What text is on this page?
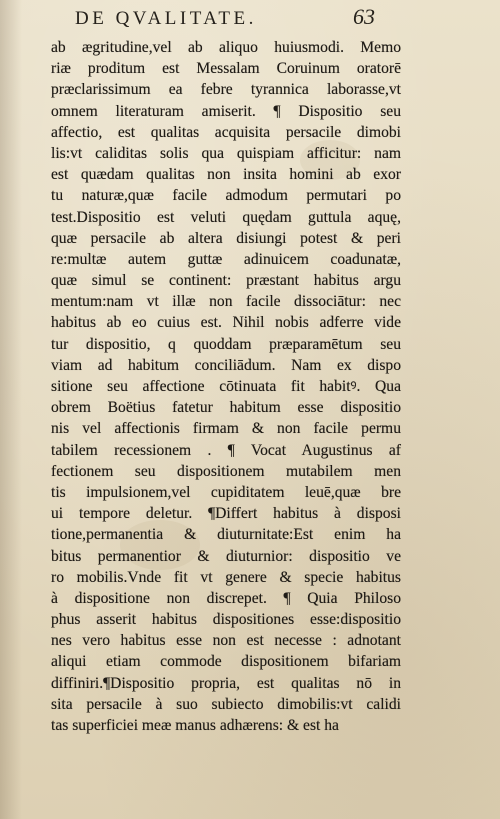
DE QVALITATE.	63
ab ægritudine,vel ab aliquo huiusmodi. Memo
riæ proditum est Messalam Coruinum oratorē
præclarissimum ea febre tyrannica laborasse,vt
omnem literaturam amiserit. ¶ Dispositio seu
affectio, est qualitas acquisita persacile dimobi
lis:vt caliditas solis qua quispiam afficitur: nam
est quædam qualitas non insita homini ab exor
tu naturæ,quæ facile admodum permutari po
test.Dispositio est veluti quędam guttula aquę,
quæ persacile ab altera disiungi potest & peri
re:multæ autem guttæ adinuicem coadunatæ,
quæ simul se continent: præstant habitus argu
mentum:nam vt illæ non facile dissociātur: nec
habitus ab eo cuius est. Nihil nobis adferre vide
tur dispositio, q quoddam præparamētum seu
viam ad habitum conciliādum. Nam ex dispo
sitione seu affectione cōtinuata fit habitꝰ. Qua
obrem Boëtius fatetur habitum esse dispositio
nis vel affectionis firmam & non facile permu
tabilem recessionem . ¶ Vocat Augustinus af
fectionem seu dispositionem mutabilem men
tis impulsionem,vel cupiditatem leuē,quæ bre
ui tempore deletur. ¶Differt habitus à disposi
tione,permanentia & diuturnitate:Est enim ha
bitus permanentior & diuturnior: dispositio ve
ro mobilis.Vnde fit vt genere & specie habitus
à dispositione non discrepet. ¶ Quia Philoso
phus asserit habitus dispositiones esse:dispositio
nes vero habitus esse non est necesse : adnotant
aliqui etiam commode dispositionem bifariam
diffiniri.¶Dispositio propria, est qualitas nō in
sita persacile à suo subiecto dimobilis:vt calidi
tas superficiei meæ manus adhærens: & est ha
